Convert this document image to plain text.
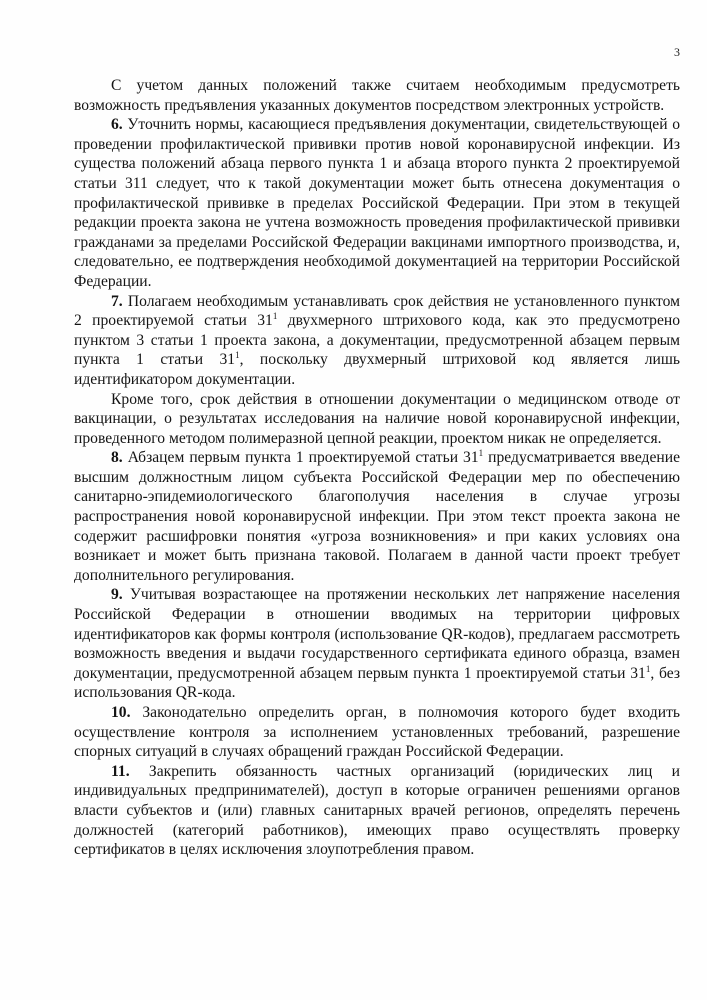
3

С учетом данных положений также считаем необходимым предусмотреть возможность предъявления указанных документов посредством электронных устройств.

6. Уточнить нормы, касающиеся предъявления документации, свидетельствующей о проведении профилактической прививки против новой коронавирусной инфекции. Из существа положений абзаца первого пункта 1 и абзаца второго пункта 2 проектируемой статьи 311 следует, что к такой документации может быть отнесена документация о профилактической прививке в пределах Российской Федерации. При этом в текущей редакции проекта закона не учтена возможность проведения профилактической прививки гражданами за пределами Российской Федерации вакцинами импортного производства, и, следовательно, ее подтверждения необходимой документацией на территории Российской Федерации.

7. Полагаем необходимым устанавливать срок действия не установленного пунктом 2 проектируемой статьи $31^1$ двухмерного штрихового кода, как это предусмотрено пунктом 3 статьи 1 проекта закона, а документации, предусмотренной абзацем первым пункта 1 статьи $31^1$, поскольку двухмерный штриховой код является лишь идентификатором документации.

Кроме того, срок действия в отношении документации о медицинском отводе от вакцинации, о результатах исследования на наличие новой коронавирусной инфекции, проведенного методом полимеразной цепной реакции, проектом никак не определяется.

8. Абзацем первым пункта 1 проектируемой статьи $31^1$ предусматривается введение высшим должностным лицом субъекта Российской Федерации мер по обеспечению санитарно-эпидемиологического благополучия населения в случае угрозы распространения новой коронавирусной инфекции. При этом текст проекта закона не содержит расшифровки понятия «угроза возникновения» и при каких условиях она возникает и может быть признана таковой. Полагаем в данной части проект требует дополнительного регулирования.

9. Учитывая возрастающее на протяжении нескольких лет напряжение населения Российской Федерации в отношении вводимых на территории цифровых идентификаторов как формы контроля (использование QR-кодов), предлагаем рассмотреть возможность введения и выдачи государственного сертификата единого образца, взамен документации, предусмотренной абзацем первым пункта 1 проектируемой статьи $31^1$, без использования QR-кода.

10. Законодательно определить орган, в полномочия которого будет входить осуществление контроля за исполнением установленных требований, разрешение спорных ситуаций в случаях обращений граждан Российской Федерации.

11. Закрепить обязанность частных организаций (юридических лиц и индивидуальных предпринимателей), доступ в которые ограничен решениями органов власти субъектов и (или) главных санитарных врачей регионов, определять перечень должностей (категорий работников), имеющих право осуществлять проверку сертификатов в целях исключения злоупотребления правом.
